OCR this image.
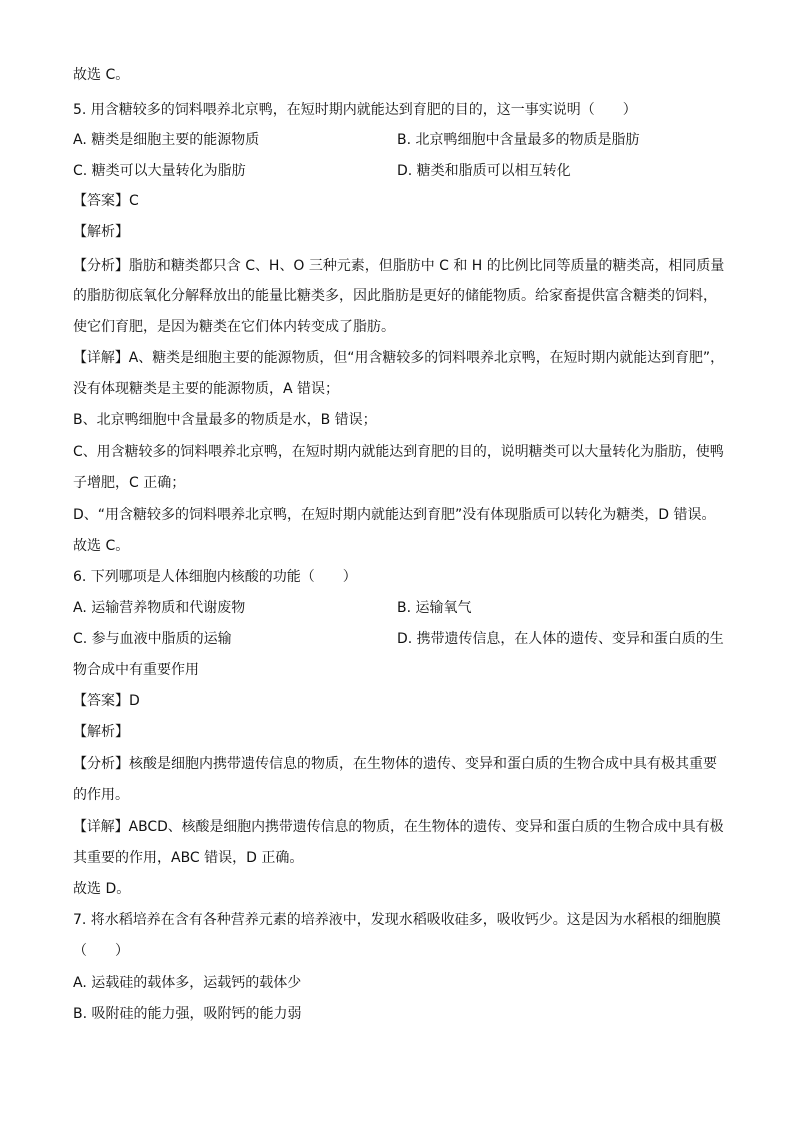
故选 C。
5. 用含糖较多的饲料喂养北京鸭，在短时期内就能达到育肥的目的，这一事实说明（　　）
A. 糖类是细胞主要的能源物质	B. 北京鸭细胞中含量最多的物质是脂肪
C. 糖类可以大量转化为脂肪	D. 糖类和脂质可以相互转化
【答案】C
【解析】
【分析】脂肪和糖类都只含 C、H、O 三种元素，但脂肪中 C 和 H 的比例比同等质量的糖类高，相同质量
的脂肪彻底氧化分解释放出的能量比糖类多，因此脂肪是更好的储能物质。给家畜提供富含糖类的饲料，
使它们育肥，是因为糖类在它们体内转变成了脂肪。
【详解】A、糖类是细胞主要的能源物质，但“用含糖较多的饲料喂养北京鸭，在短时期内就能达到育肥”，
没有体现糖类是主要的能源物质，A 错误；
B、北京鸭细胞中含量最多的物质是水，B 错误；
C、用含糖较多的饲料喂养北京鸭，在短时期内就能达到育肥的目的，说明糖类可以大量转化为脂肪，使鸭
子增肥，C 正确；
D、“用含糖较多的饲料喂养北京鸭，在短时期内就能达到育肥”没有体现脂质可以转化为糖类，D 错误。
故选 C。
6. 下列哪项是人体细胞内核酸的功能（　　）
A. 运输营养物质和代谢废物	B. 运输氧气
C. 参与血液中脂质的运输	D. 携带遗传信息，在人体的遗传、变异和蛋白质的生
物合成中有重要作用
【答案】D
【解析】
【分析】核酸是细胞内携带遗传信息的物质，在生物体的遗传、变异和蛋白质的生物合成中具有极其重要
的作用。
【详解】ABCD、核酸是细胞内携带遗传信息的物质，在生物体的遗传、变异和蛋白质的生物合成中具有极
其重要的作用，ABC 错误，D 正确。
故选 D。
7. 将水稻培养在含有各种营养元素的培养液中，发现水稻吸收硅多，吸收钙少。这是因为水稻根的细胞膜
（　　）
A. 运载硅的载体多，运载钙的载体少
B. 吸附硅的能力强，吸附钙的能力弱
